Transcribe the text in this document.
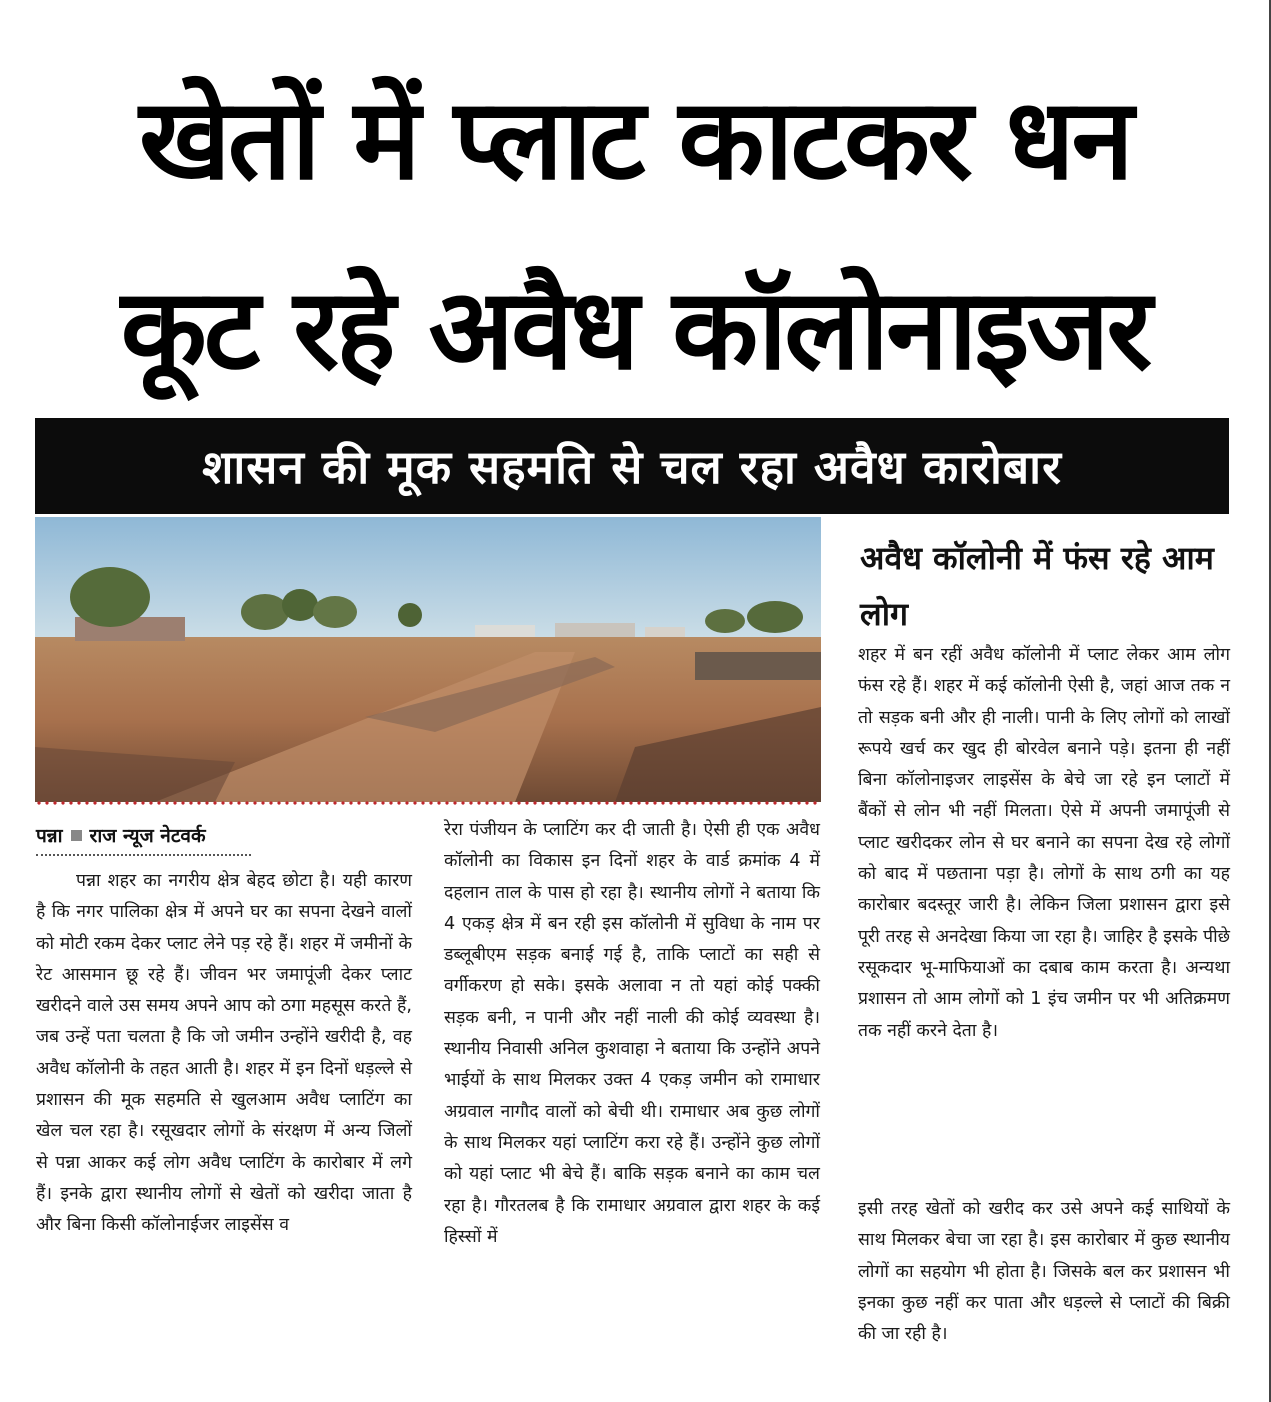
खेतों में प्लाट काटकर धन
कूट रहे अवैध कॉलोनाइजर
शासन की मूक सहमति से चल रहा अवैध कारोबार
पन्ना राज न्यूज नेटवर्क

पन्ना शहर का नगरीय क्षेत्र बेहद छोटा है। यही कारण है कि नगर पालिका क्षेत्र में अपने घर का सपना देखने वालों को मोटी रकम देकर प्लाट लेने पड़ रहे हैं। शहर में जमीनों के रेट आसमान छू रहे हैं। जीवन भर जमापूंजी देकर प्लाट खरीदने वाले उस समय अपने आप को ठगा महसूस करते हैं, जब उन्हें पता चलता है कि जो जमीन उन्होंने खरीदी है, वह अवैध कॉलोनी के तहत आती है। शहर में इन दिनों धड़ल्ले से प्रशासन की मूक सहमति से खुलआम अवैध प्लाटिंग का खेल चल रहा है। रसूखदार लोगों के संरक्षण में अन्य जिलों से पन्ना आकर कई लोग अवैध प्लाटिंग के कारोबार में लगे हैं। इनके द्वारा स्थानीय लोगों से खेतों को खरीदा जाता है और बिना किसी कॉलोनाईजर लाइसेंस व

रेरा पंजीयन के प्लाटिंग कर दी जाती है। ऐसी ही एक अवैध कॉलोनी का विकास इन दिनों शहर के वार्ड क्रमांक 4 में दहलान ताल के पास हो रहा है। स्थानीय लोगों ने बताया कि 4 एकड़ क्षेत्र में बन रही इस कॉलोनी में सुविधा के नाम पर डब्लूबीएम सड़क बनाई गई है, ताकि प्लाटों का सही से वर्गीकरण हो सके। इसके अलावा न तो यहां कोई पक्की सड़क बनी, न पानी और नहीं नाली की कोई व्यवस्था है। स्थानीय निवासी अनिल कुशवाहा ने बताया कि उन्होंने अपने भाईयों के साथ मिलकर उक्त 4 एकड़ जमीन को रामाधार अग्रवाल नागौद वालों को बेची थी। रामाधार अब कुछ लोगों के साथ मिलकर यहां प्लाटिंग करा रहे हैं। उन्होंने कुछ लोगों को यहां प्लाट भी बेचे हैं। बाकि सड़क बनाने का काम चल रहा है। गौरतलब है कि रामाधार अग्रवाल द्वारा शहर के कई हिस्सों में

अवैध कॉलोनी में फंस रहे आम लोग

शहर में बन रहीं अवैध कॉलोनी में प्लाट लेकर आम लोग फंस रहे हैं। शहर में कई कॉलोनी ऐसी है, जहां आज तक न तो सड़क बनी और ही नाली। पानी के लिए लोगों को लाखों रूपये खर्च कर खुद ही बोरवेल बनाने पड़े। इतना ही नहीं बिना कॉलोनाइजर लाइसेंस के बेचे जा रहे इन प्लाटों में बैंकों से लोन भी नहीं मिलता। ऐसे में अपनी जमापूंजी से प्लाट खरीदकर लोन से घर बनाने का सपना देख रहे लोगों को बाद में पछताना पड़ा है। लोगों के साथ ठगी का यह कारोबार बदस्तूर जारी है। लेकिन जिला प्रशासन द्वारा इसे पूरी तरह से अनदेखा किया जा रहा है। जाहिर है इसके पीछे रसूकदार भू-माफियाओं का दबाब काम करता है। अन्यथा प्रशासन तो आम लोगों को 1 इंच जमीन पर भी अतिक्रमण तक नहीं करने देता है।

इसी तरह खेतों को खरीद कर उसे अपने कई साथियों के साथ मिलकर बेचा जा रहा है। इस कारोबार में कुछ स्थानीय लोगों का सहयोग भी होता है। जिसके बल कर प्रशासन भी इनका कुछ नहीं कर पाता और धड़ल्ले से प्लाटों की बिक्री की जा रही है।
